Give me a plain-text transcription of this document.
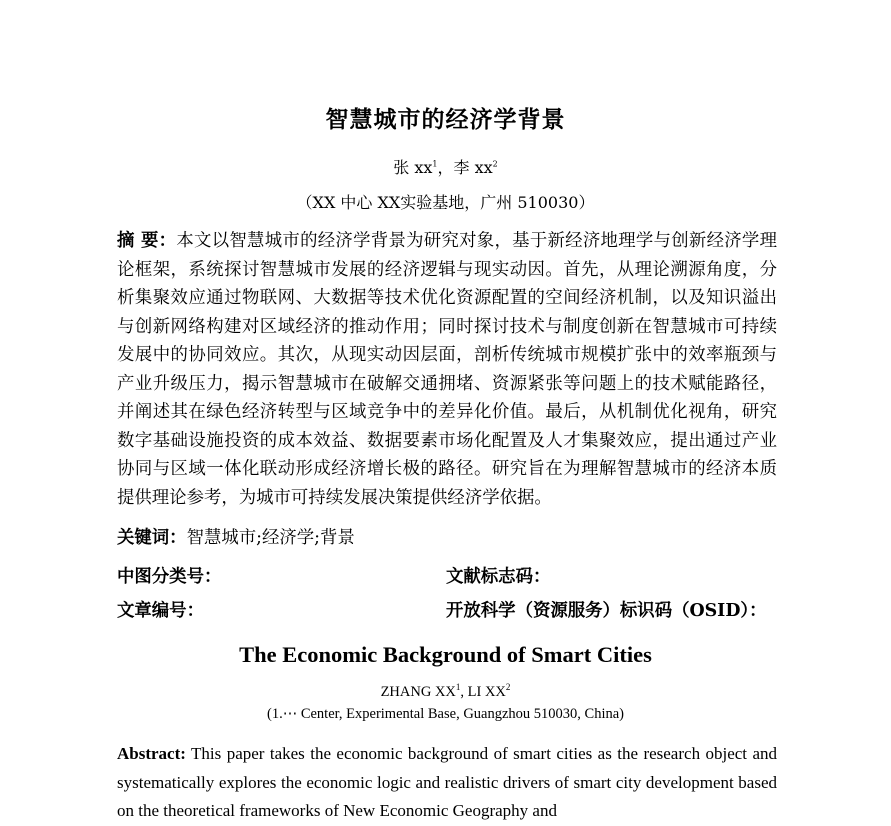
智慧城市的经济学背景
张 $xx^1$，李 $xx^2$
（XX 中心 XX实验基地，广州 510030）
摘 要：本文以智慧城市的经济学背景为研究对象，基于新经济地理学与创新经济学理论框架，系统探讨智慧城市发展的经济逻辑与现实动因。首先，从理论溯源角度，分析集聚效应通过物联网、大数据等技术优化资源配置的空间经济机制，以及知识溢出与创新网络构建对区域经济的推动作用；同时探讨技术与制度创新在智慧城市可持续发展中的协同效应。其次，从现实动因层面，剖析传统城市规模扩张中的效率瓶颈与产业升级压力，揭示智慧城市在破解交通拥堵、资源紧张等问题上的技术赋能路径，并阐述其在绿色经济转型与区域竞争中的差异化价值。最后，从机制优化视角，研究数字基础设施投资的成本效益、数据要素市场化配置及人才集聚效应，提出通过产业协同与区域一体化联动形成经济增长极的路径。研究旨在为理解智慧城市的经济本质提供理论参考，为城市可持续发展决策提供经济学依据。
关键词：智慧城市;经济学;背景
中图分类号：	文献标志码：
文章编号：	开放科学（资源服务）标识码（OSID）：
The Economic Background of Smart Cities
ZHANG $XX^1$, LI $XX^2$
(1.⋯ Center, Experimental Base, Guangzhou 510030, China)
Abstract: This paper takes the economic background of smart cities as the research object and systematically explores the economic logic and realistic drivers of smart city development based on the theoretical frameworks of New Economic Geography and
